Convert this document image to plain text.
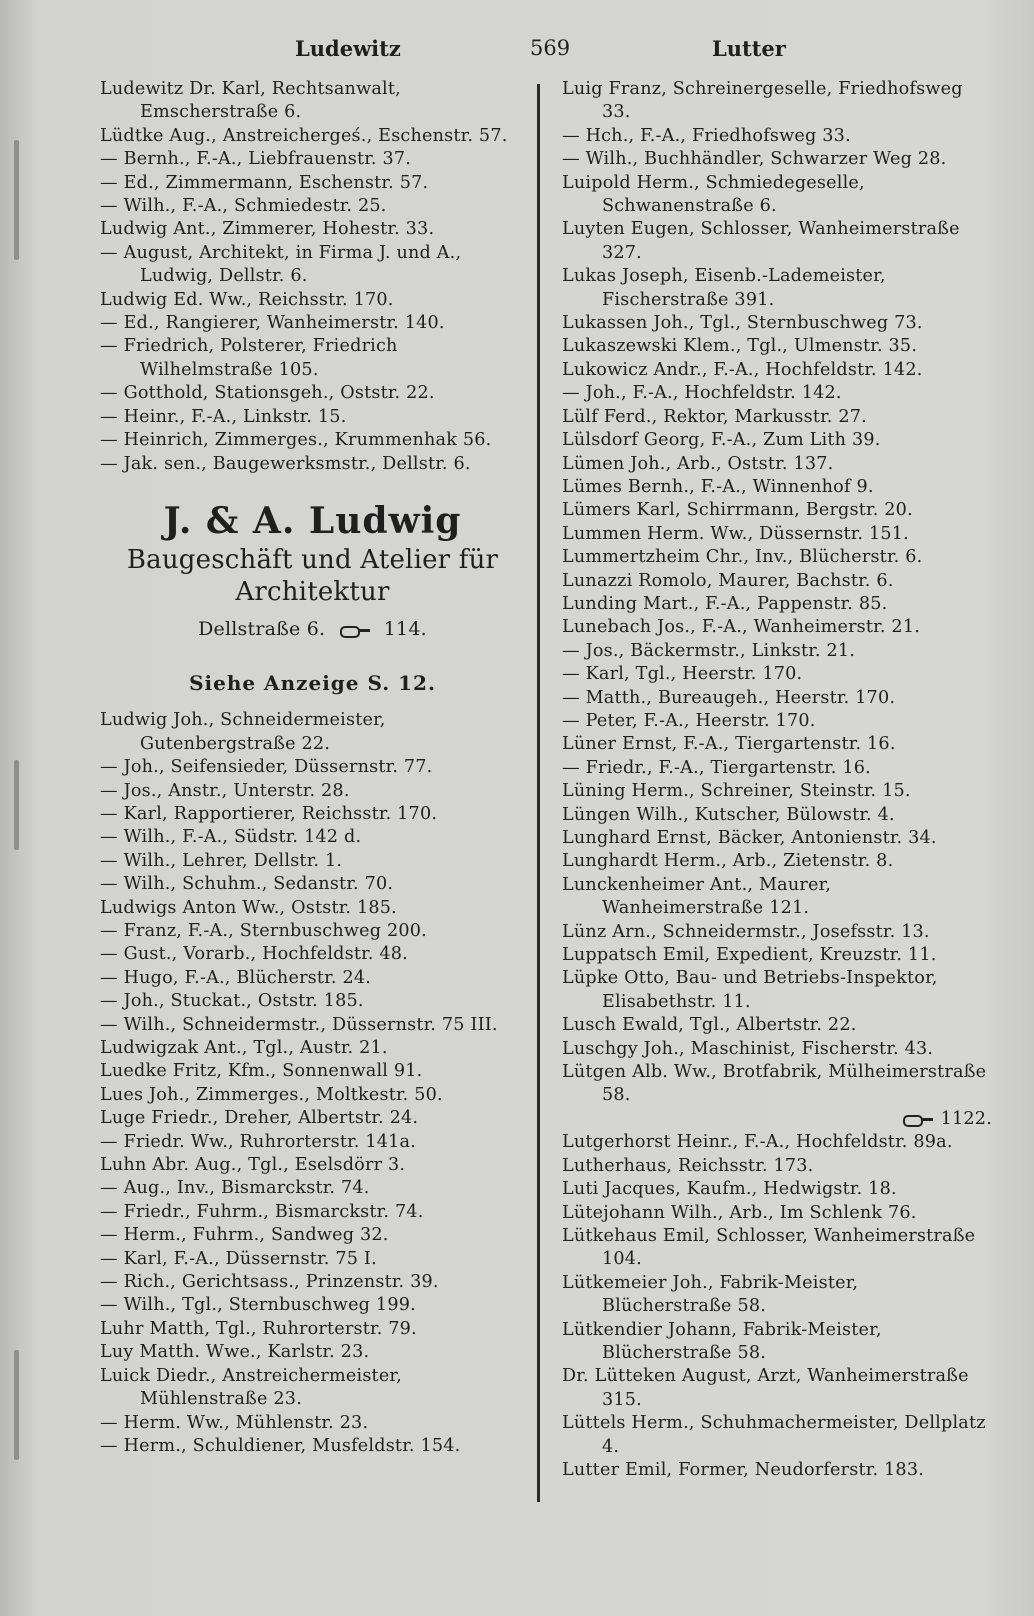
Ludewitz	569	Lutter
Ludewitz Dr. Karl, Rechtsanwalt, Emscherstraße 6.
Lüdtke Aug., Anstreichergeś., Eschenstr. 57.
— Bernh., F.-A., Liebfrauenstr. 37.
— Ed., Zimmermann, Eschenstr. 57.
— Wilh., F.-A., Schmiedestr. 25.
Ludwig Ant., Zimmerer, Hohestr. 33.
— August, Architekt, in Firma J. und A., Ludwig, Dellstr. 6.
Ludwig Ed. Ww., Reichsstr. 170.
— Ed., Rangierer, Wanheimerstr. 140.
— Friedrich, Polsterer, Friedrich Wilhelmstraße 105.
— Gotthold, Stationsgeh., Oststr. 22.
— Heinr., F.-A., Linkstr. 15.
— Heinrich, Zimmerges., Krummenhak 56.
— Jak. sen., Baugewerksmstr., Dellstr. 6.
J. & A. Ludwig
Baugeschäft und Atelier für
Architektur
Dellstraße 6.	114.
Siehe Anzeige S. 12.
Ludwig Joh., Schneidermeister, Gutenbergstraße 22.
— Joh., Seifensieder, Düssernstr. 77.
— Jos., Anstr., Unterstr. 28.
— Karl, Rapportierer, Reichsstr. 170.
— Wilh., F.-A., Südstr. 142 d.
— Wilh., Lehrer, Dellstr. 1.
— Wilh., Schuhm., Sedanstr. 70.
Ludwigs Anton Ww., Oststr. 185.
— Franz, F.-A., Sternbuschweg 200.
— Gust., Vorarb., Hochfeldstr. 48.
— Hugo, F.-A., Blücherstr. 24.
— Joh., Stuckat., Oststr. 185.
— Wilh., Schneidermstr., Düssernstr. 75 III.
Ludwigzak Ant., Tgl., Austr. 21.
Luedke Fritz, Kfm., Sonnenwall 91.
Lues Joh., Zimmerges., Moltkestr. 50.
Luge Friedr., Dreher, Albertstr. 24.
— Friedr. Ww., Ruhrorterstr. 141a.
Luhn Abr. Aug., Tgl., Eselsdörr 3.
— Aug., Inv., Bismarckstr. 74.
— Friedr., Fuhrm., Bismarckstr. 74.
— Herm., Fuhrm., Sandweg 32.
— Karl, F.-A., Düssernstr. 75 I.
— Rich., Gerichtsass., Prinzenstr. 39.
— Wilh., Tgl., Sternbuschweg 199.
Luhr Matth, Tgl., Ruhrorterstr. 79.
Luy Matth. Wwe., Karlstr. 23.
Luick Diedr., Anstreichermeister, Mühlenstraße 23.
— Herm. Ww., Mühlenstr. 23.
— Herm., Schuldiener, Musfeldstr. 154.
Luig Franz, Schreinergeselle, Friedhofsweg 33.
— Hch., F.-A., Friedhofsweg 33.
— Wilh., Buchhändler, Schwarzer Weg 28.
Luipold Herm., Schmiedegeselle, Schwanenstraße 6.
Luyten Eugen, Schlosser, Wanheimerstraße 327.
Lukas Joseph, Eisenb.-Lademeister, Fischerstraße 391.
Lukassen Joh., Tgl., Sternbuschweg 73.
Lukaszewski Klem., Tgl., Ulmenstr. 35.
Lukowicz Andr., F.-A., Hochfeldstr. 142.
— Joh., F.-A., Hochfeldstr. 142.
Lülf Ferd., Rektor, Markusstr. 27.
Lülsdorf Georg, F.-A., Zum Lith 39.
Lümen Joh., Arb., Oststr. 137.
Lümes Bernh., F.-A., Winnenhof 9.
Lümers Karl, Schirrmann, Bergstr. 20.
Lummen Herm. Ww., Düssernstr. 151.
Lummertzheim Chr., Inv., Blücherstr. 6.
Lunazzi Romolo, Maurer, Bachstr. 6.
Lunding Mart., F.-A., Pappenstr. 85.
Lunebach Jos., F.-A., Wanheimerstr. 21.
— Jos., Bäckermstr., Linkstr. 21.
— Karl, Tgl., Heerstr. 170.
— Matth., Bureaugeh., Heerstr. 170.
— Peter, F.-A., Heerstr. 170.
Lüner Ernst, F.-A., Tiergartenstr. 16.
— Friedr., F.-A., Tiergartenstr. 16.
Lüning Herm., Schreiner, Steinstr. 15.
Lüngen Wilh., Kutscher, Bülowstr. 4.
Lunghard Ernst, Bäcker, Antonienstr. 34.
Lunghardt Herm., Arb., Zietenstr. 8.
Lunckenheimer Ant., Maurer, Wanheimerstraße 121.
Lünz Arn., Schneidermstr., Josefsstr. 13.
Luppatsch Emil, Expedient, Kreuzstr. 11.
Lüpke Otto, Bau- und Betriebs-Inspektor, Elisabethstr. 11.
Lusch Ewald, Tgl., Albertstr. 22.
Luschgy Joh., Maschinist, Fischerstr. 43.
Lütgen Alb. Ww., Brotfabrik, Mülheimerstraße 58.
1122.
Lutgerhorst Heinr., F.-A., Hochfeldstr. 89a.
Lutherhaus, Reichsstr. 173.
Luti Jacques, Kaufm., Hedwigstr. 18.
Lütejohann Wilh., Arb., Im Schlenk 76.
Lütkehaus Emil, Schlosser, Wanheimerstraße 104.
Lütkemeier Joh., Fabrik-Meister, Blücherstraße 58.
Lütkendier Johann, Fabrik-Meister, Blücherstraße 58.
Dr. Lütteken August, Arzt, Wanheimerstraße 315.
Lüttels Herm., Schuhmachermeister, Dellplatz 4.
Lutter Emil, Former, Neudorferstr. 183.
